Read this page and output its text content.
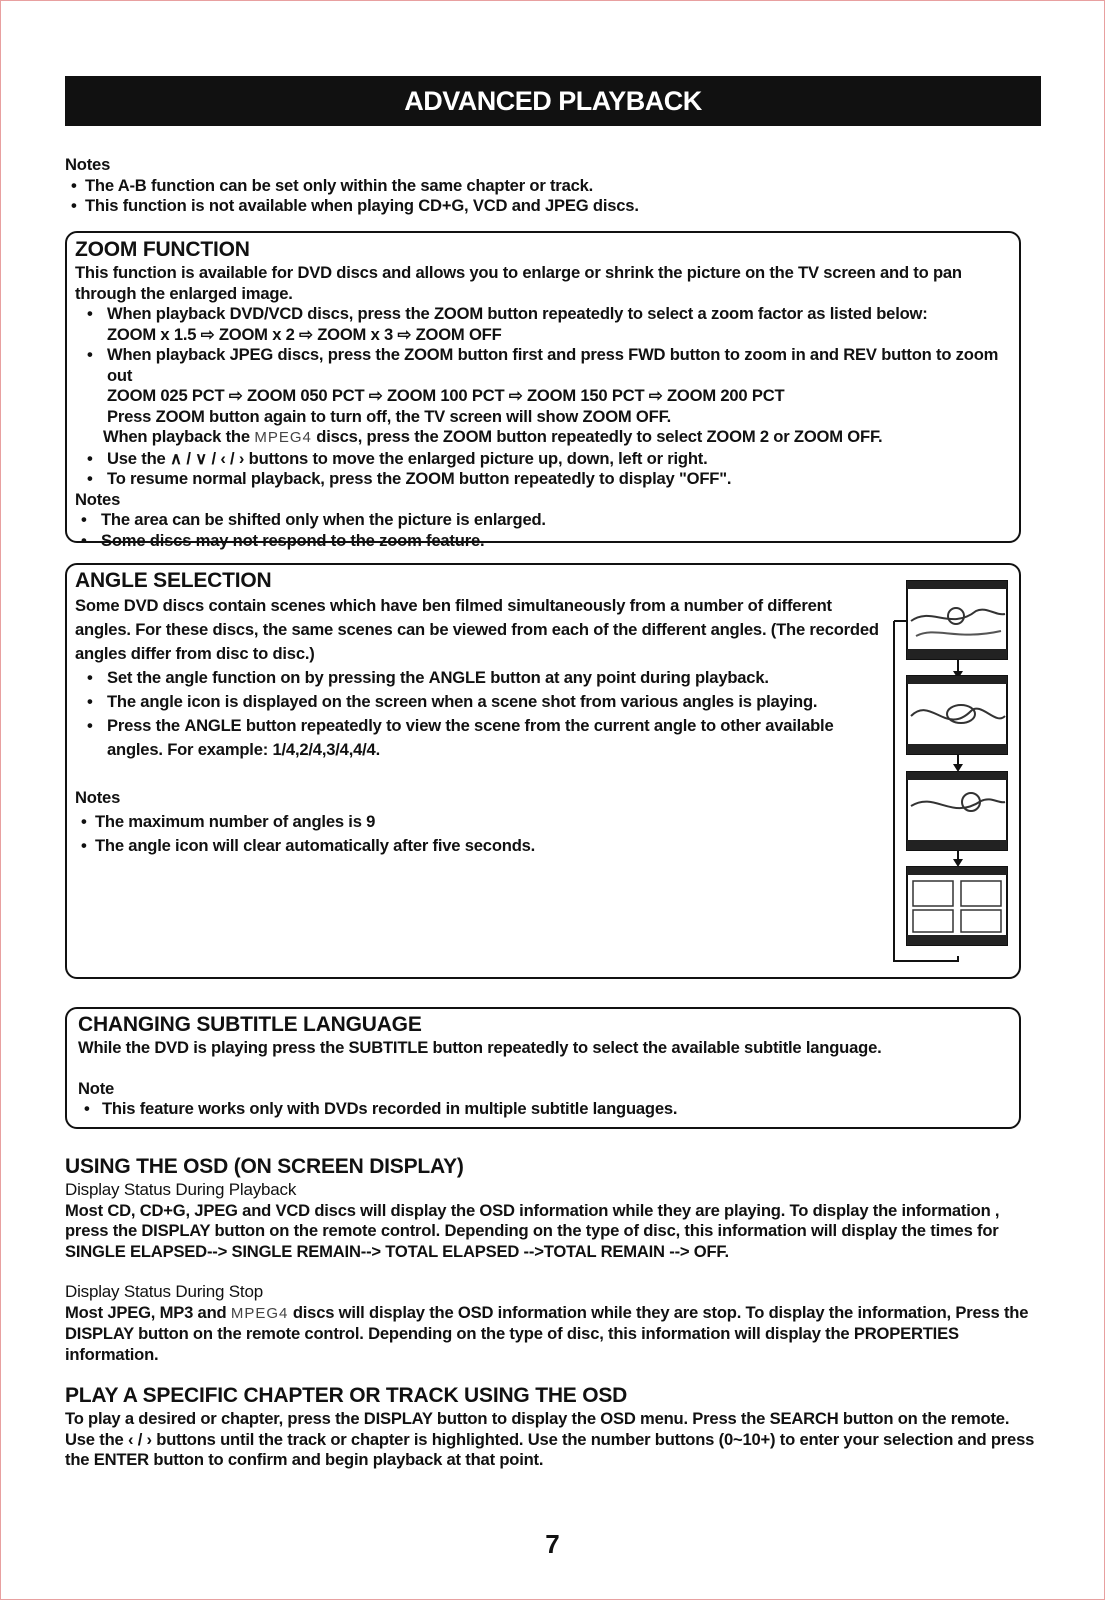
ADVANCED PLAYBACK
Notes
• The A-B function can be set only within the same chapter or track.
• This function is not available when playing CD+G, VCD and JPEG discs.
ZOOM FUNCTION
This function is available for DVD discs and allows you to enlarge or shrink the picture on the TV screen and to pan through the enlarged image.
• When playback DVD/VCD discs, press the ZOOM button repeatedly to select a zoom factor as listed below:
ZOOM x 1.5 ⇨ ZOOM x 2 ⇨ ZOOM x 3 ⇨ ZOOM OFF
• When playback JPEG discs, press the ZOOM button first and press FWD button to zoom in and REV button to zoom out
ZOOM 025 PCT ⇨ ZOOM 050 PCT ⇨ ZOOM 100 PCT ⇨ ZOOM 150 PCT ⇨ ZOOM 200 PCT
Press ZOOM button again to turn off, the TV screen will show ZOOM OFF.
When playback the MPEG4 discs, press the ZOOM button repeatedly to select ZOOM 2 or ZOOM OFF.
• Use the ∧ / ∨ / ‹ / › buttons to move the enlarged picture up, down, left or right.
• To resume normal playback, press the ZOOM button repeatedly to display "OFF".
Notes
• The area can be shifted only when the picture is enlarged.
• Some discs may not respond to the zoom feature.
ANGLE SELECTION
Some DVD discs contain scenes which have ben filmed simultaneously from a number of different angles. For these discs, the same scenes can be viewed from each of the different angles. (The recorded angles differ from disc to disc.)
• Set the angle function on by pressing the ANGLE button at any point during playback.
• The angle icon is displayed on the screen when a scene shot from various angles is playing.
• Press the ANGLE button repeatedly to view the scene from the current angle to other available angles. For example: 1/4,2/4,3/4,4/4.
Notes
• The maximum number of angles is 9
• The angle icon will clear automatically after five seconds.
CHANGING SUBTITLE LANGUAGE
While the DVD is playing press the SUBTITLE button repeatedly to select the available subtitle language.
Note
• This feature works only with DVDs recorded in multiple subtitle languages.
USING THE OSD (ON SCREEN DISPLAY)
Display Status During Playback
Most CD, CD+G, JPEG and VCD discs will display the OSD information while they are playing. To display the information , press the DISPLAY button on the remote control. Depending on the type of disc, this information will display the times for SINGLE ELAPSED--> SINGLE REMAIN--> TOTAL ELAPSED -->TOTAL REMAIN --> OFF.
Display Status During Stop
Most JPEG, MP3 and MPEG4 discs will display the OSD information while they are stop. To display the information, Press the DISPLAY button on the remote control. Depending on the type of disc, this information will display the PROPERTIES information.
PLAY A SPECIFIC CHAPTER OR TRACK USING THE OSD
To play a desired or chapter, press the DISPLAY button to display the OSD menu. Press the SEARCH button on the remote. Use the ‹ / › buttons until the track or chapter is highlighted. Use the number buttons (0~10+) to enter your selection and press the ENTER button to confirm and begin playback at that point.
7
